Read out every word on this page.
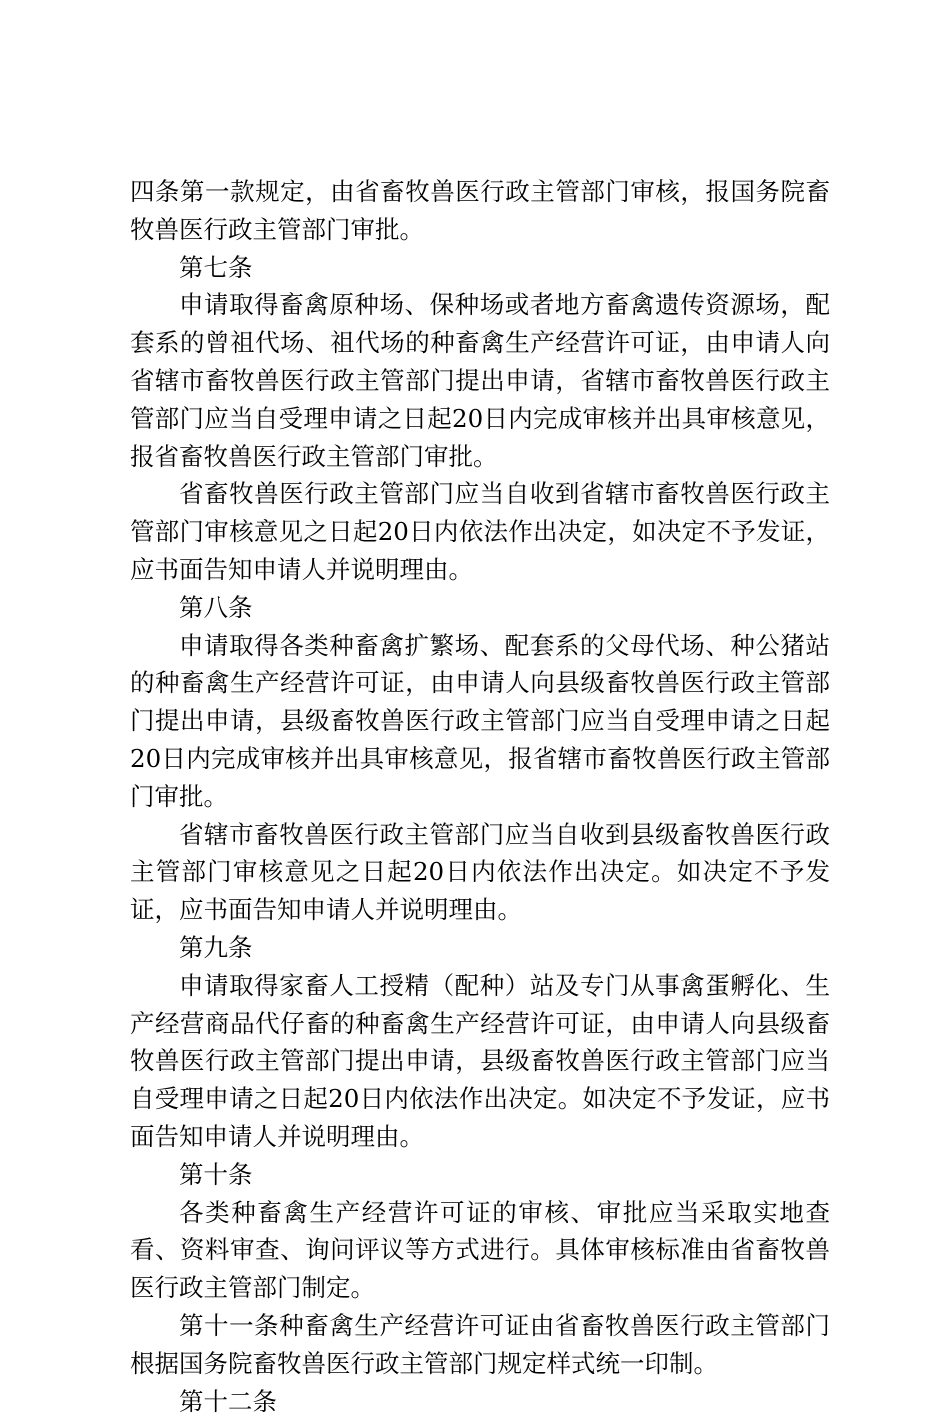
四条第一款规定，由省畜牧兽医行政主管部门审核，报国务院畜牧兽医行政主管部门审批。

第七条

申请取得畜禽原种场、保种场或者地方畜禽遗传资源场，配套系的曾祖代场、祖代场的种畜禽生产经营许可证，由申请人向省辖市畜牧兽医行政主管部门提出申请，省辖市畜牧兽医行政主管部门应当自受理申请之日起20日内完成审核并出具审核意见，报省畜牧兽医行政主管部门审批。

省畜牧兽医行政主管部门应当自收到省辖市畜牧兽医行政主管部门审核意见之日起20日内依法作出决定，如决定不予发证，应书面告知申请人并说明理由。

第八条

申请取得各类种畜禽扩繁场、配套系的父母代场、种公猪站的种畜禽生产经营许可证，由申请人向县级畜牧兽医行政主管部门提出申请，县级畜牧兽医行政主管部门应当自受理申请之日起20日内完成审核并出具审核意见，报省辖市畜牧兽医行政主管部门审批。

省辖市畜牧兽医行政主管部门应当自收到县级畜牧兽医行政主管部门审核意见之日起20日内依法作出决定。如决定不予发证，应书面告知申请人并说明理由。

第九条

申请取得家畜人工授精（配种）站及专门从事禽蛋孵化、生产经营商品代仔畜的种畜禽生产经营许可证，由申请人向县级畜牧兽医行政主管部门提出申请，县级畜牧兽医行政主管部门应当自受理申请之日起20日内依法作出决定。如决定不予发证，应书面告知申请人并说明理由。

第十条

各类种畜禽生产经营许可证的审核、审批应当采取实地查看、资料审查、询问评议等方式进行。具体审核标准由省畜牧兽医行政主管部门制定。

第十一条种畜禽生产经营许可证由省畜牧兽医行政主管部门根据国务院畜牧兽医行政主管部门规定样式统一印制。

第十二条
